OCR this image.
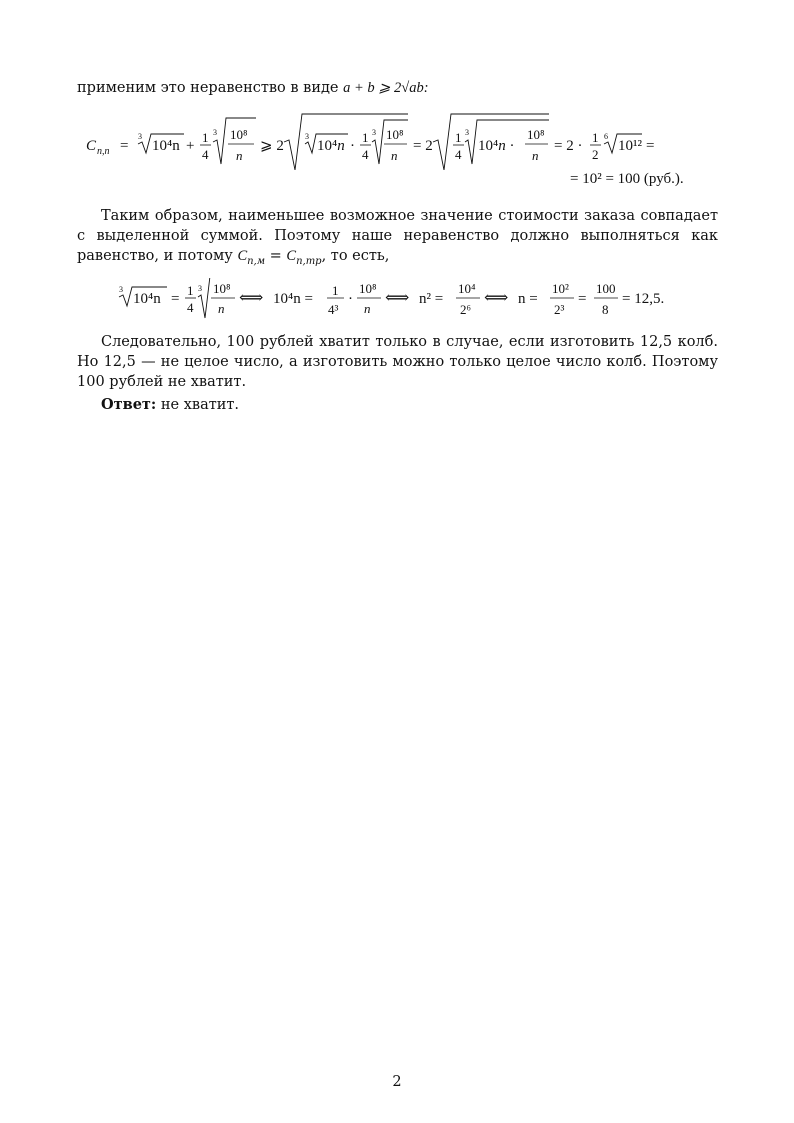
применим это неравенство в виде a + b ⩾ 2√ab:
C n,п =
3
10⁴n +
1
4
3 10⁸
n
⩾ 2
3
10⁴n ·
1
4
3 10⁸
n
= 2
1
4
3
10⁴n ·
10⁸
n
= 2 ·
1
2
6
10¹² =
= 10² = 100 (руб.).
Таким образом, наименьшее возможное значение стоимости заказа совпадает с выделенной суммой. Поэтому наше неравенство должно выполняться как равенство, и потому $C_{n,м} = C_{n,тр}$, то есть,
3
10⁴n =
1
4
3 10⁸
n
⟺ 10⁴n =
1
4³
·
10⁸
n
⟺ n² =
10⁴
2⁶
⟺ n =
10²
2³
=
100
8
= 12,5.
Следовательно, 100 рублей хватит только в случае, если изготовить 12,5 колб. Но 12,5 — не целое число, а изготовить можно только целое число колб. Поэтому 100 рублей не хватит.
Ответ: не хватит.
2
